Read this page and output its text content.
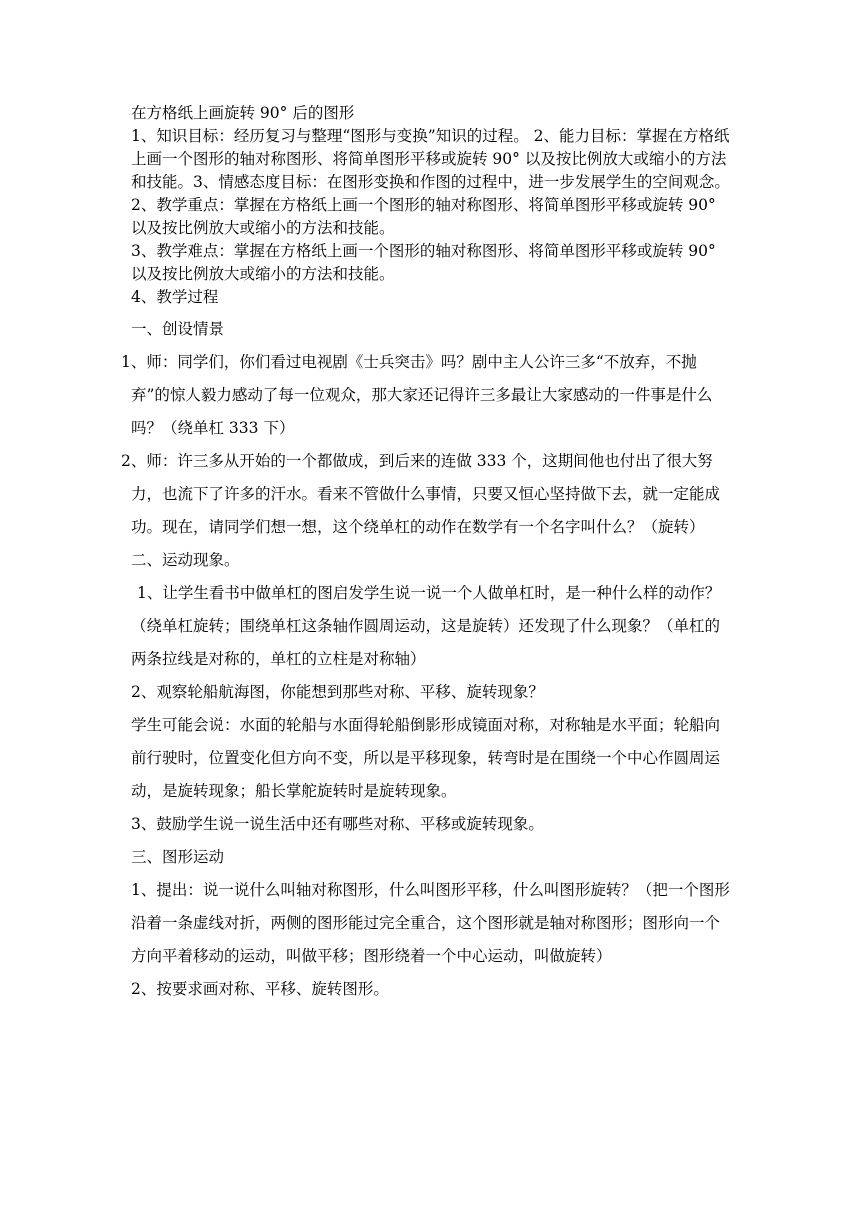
在方格纸上画旋转 90° 后的图形

1、知识目标：经历复习与整理“图形与变换”知识的过程。 2、能力目标：掌握在方格纸上画一个图形的轴对称图形、将简单图形平移或旋转 90° 以及按比例放大或缩小的方法和技能。3、情感态度目标：在图形变换和作图的过程中，进一步发展学生的空间观念。

2、教学重点：掌握在方格纸上画一个图形的轴对称图形、将简单图形平移或旋转 90° 以及按比例放大或缩小的方法和技能。

3、教学难点：掌握在方格纸上画一个图形的轴对称图形、将简单图形平移或旋转 90° 以及按比例放大或缩小的方法和技能。

4、教学过程

一、创设情景

1、师：同学们，你们看过电视剧《士兵突击》吗？剧中主人公许三多“不放弃，不抛弃”的惊人毅力感动了每一位观众，那大家还记得许三多最让大家感动的一件事是什么吗？（绕单杠 333 下）

2、师：许三多从开始的一个都做成，到后来的连做 333 个，这期间他也付出了很大努力，也流下了许多的汗水。看来不管做什么事情，只要又恒心坚持做下去，就一定能成功。现在，请同学们想一想，这个绕单杠的动作在数学有一个名字叫什么？（旋转）

二、运动现象。

1、让学生看书中做单杠的图启发学生说一说一个人做单杠时，是一种什么样的动作？（绕单杠旋转；围绕单杠这条轴作圆周运动，这是旋转）还发现了什么现象？（单杠的两条拉线是对称的，单杠的立柱是对称轴）

2、观察轮船航海图，你能想到那些对称、平移、旋转现象？

学生可能会说：水面的轮船与水面得轮船倒影形成镜面对称，对称轴是水平面；轮船向前行驶时，位置变化但方向不变，所以是平移现象，转弯时是在围绕一个中心作圆周运动，是旋转现象；船长掌舵旋转时是旋转现象。

3、鼓励学生说一说生活中还有哪些对称、平移或旋转现象。

三、图形运动

1、提出：说一说什么叫轴对称图形，什么叫图形平移，什么叫图形旋转？（把一个图形沿着一条虚线对折，两侧的图形能过完全重合，这个图形就是轴对称图形；图形向一个方向平着移动的运动，叫做平移；图形绕着一个中心运动，叫做旋转）

2、按要求画对称、平移、旋转图形。
